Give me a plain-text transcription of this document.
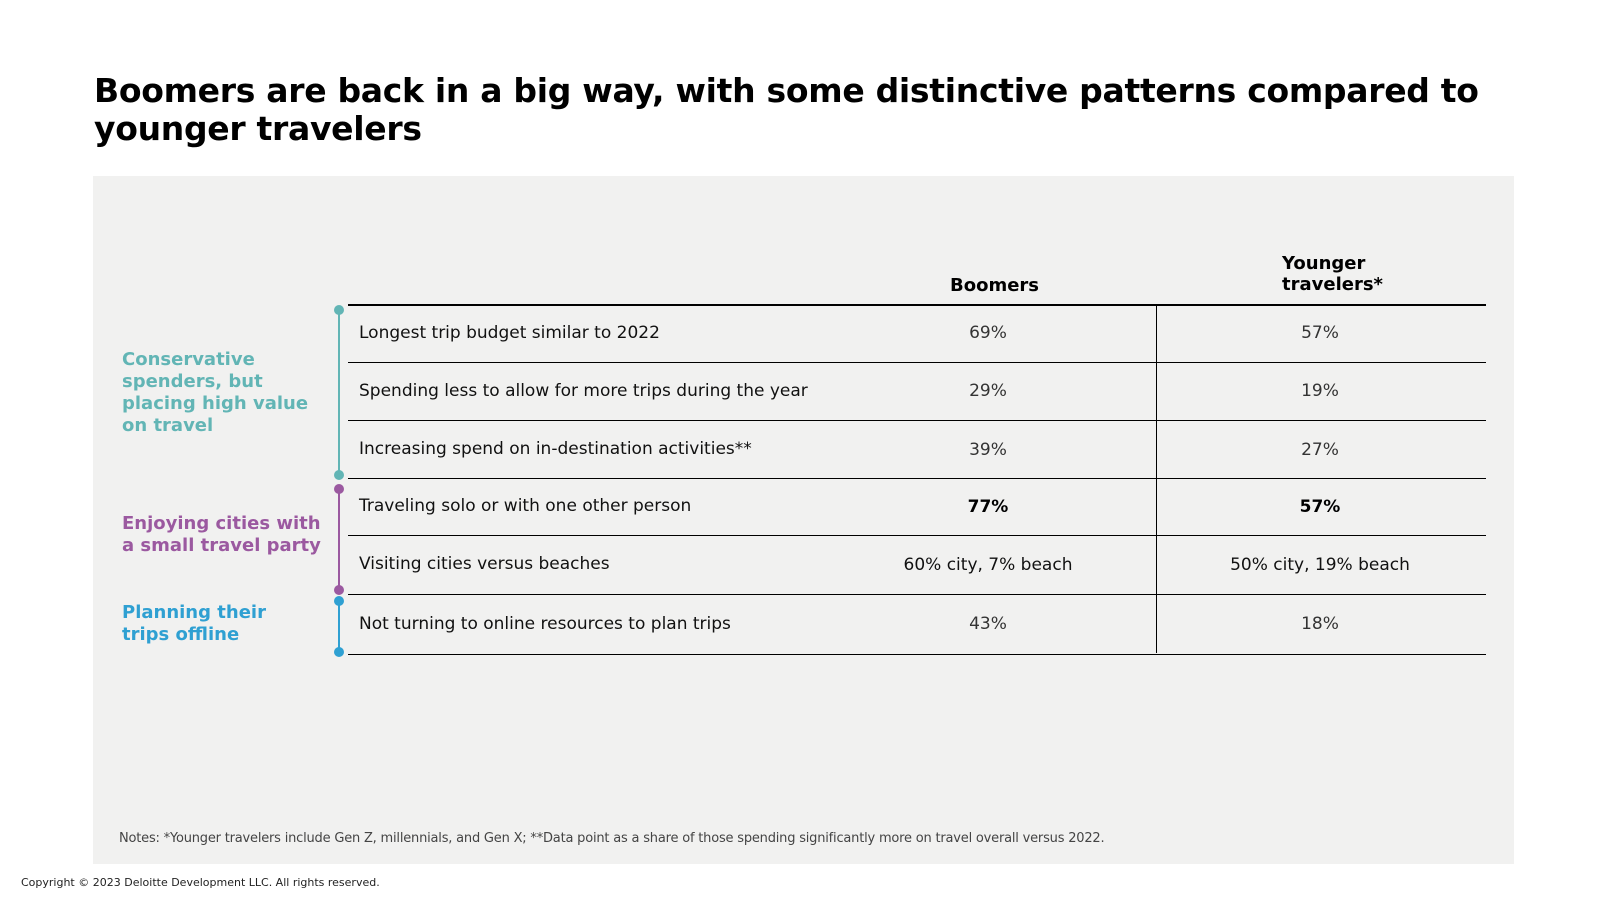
Boomers are back in a big way, with some distinctive patterns compared to younger travelers
Boomers
Younger travelers*
Longest trip budget similar to 2022	69%	57%
Spending less to allow for more trips during the year	29%	19%
Increasing spend on in-destination activities**	39%	27%
Traveling solo or with one other person	77%	57%
Visiting cities versus beaches	60% city, 7% beach	50% city, 19% beach
Not turning to online resources to plan trips	43%	18%
Conservative spenders, but placing high value on travel
Enjoying cities with a small travel party
Planning their trips offline
Notes: *Younger travelers include Gen Z, millennials, and Gen X; **Data point as a share of those spending significantly more on travel overall versus 2022.
Copyright © 2023 Deloitte Development LLC. All rights reserved.
